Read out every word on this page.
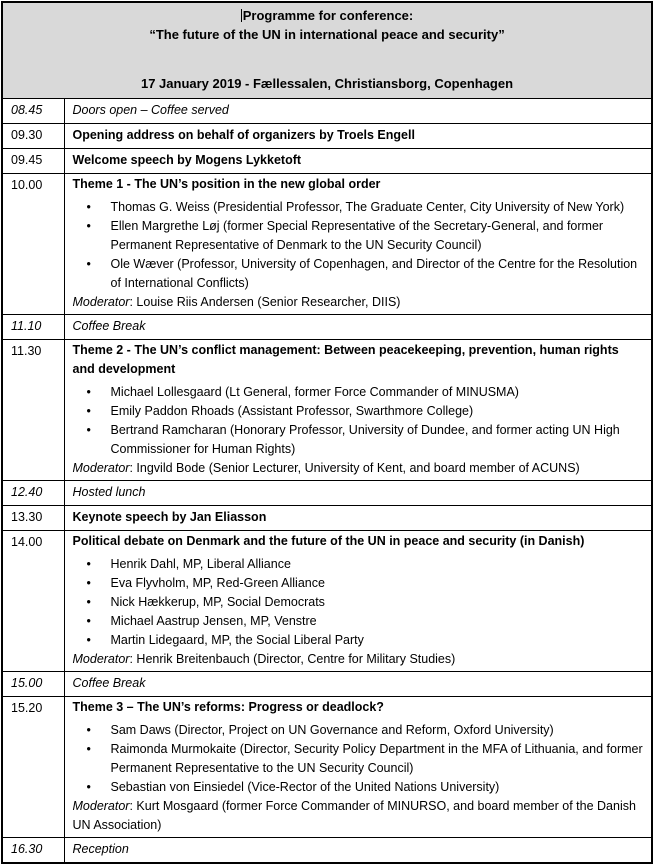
Programme for conference:

“The future of the UN in international peace and security”

17 January 2019 - Fællessalen, Christiansborg, Copenhagen	

08.45	Doors open – Coffee served
09.30	Opening address on behalf of organizers by Troels Engell
09.45	Welcome speech by Mogens Lykketoft
10.00	Theme 1 - The UN’s position in the new global order

• Thomas G. Weiss (Presidential Professor, The Graduate Center, City University of New York)
• Ellen Margrethe Løj (former Special Representative of the Secretary-General, and former Permanent Representative of Denmark to the UN Security Council)
• Ole Wæver (Professor, University of Copenhagen, and Director of the Centre for the Resolution of International Conflicts)

Moderator: Louise Riis Andersen (Senior Researcher, DIIS)

11.10	Coffee Break
11.30	Theme 2 - The UN’s conflict management: Between peacekeeping, prevention, human rights and development

• Michael Lollesgaard (Lt General, former Force Commander of MINUSMA)
• Emily Paddon Rhoads (Assistant Professor, Swarthmore College)
• Bertrand Ramcharan (Honorary Professor, University of Dundee, and former acting UN High Commissioner for Human Rights)

Moderator: Ingvild Bode (Senior Lecturer, University of Kent, and board member of ACUNS)

12.40	Hosted lunch
13.30	Keynote speech by Jan Eliasson
14.00	Political debate on Denmark and the future of the UN in peace and security (in Danish)

• Henrik Dahl, MP, Liberal Alliance
• Eva Flyvholm, MP, Red-Green Alliance
• Nick Hækkerup, MP, Social Democrats
• Michael Aastrup Jensen, MP, Venstre
• Martin Lidegaard, MP, the Social Liberal Party

Moderator: Henrik Breitenbauch (Director, Centre for Military Studies)

15.00	Coffee Break
15.20	Theme 3 – The UN’s reforms: Progress or deadlock?

• Sam Daws (Director, Project on UN Governance and Reform, Oxford University)
• Raimonda Murmokaite (Director, Security Policy Department in the MFA of Lithuania, and former Permanent Representative to the UN Security Council)
• Sebastian von Einsiedel (Vice-Rector of the United Nations University)

Moderator: Kurt Mosgaard (former Force Commander of MINURSO, and board member of the Danish UN Association)

16.30	Reception
